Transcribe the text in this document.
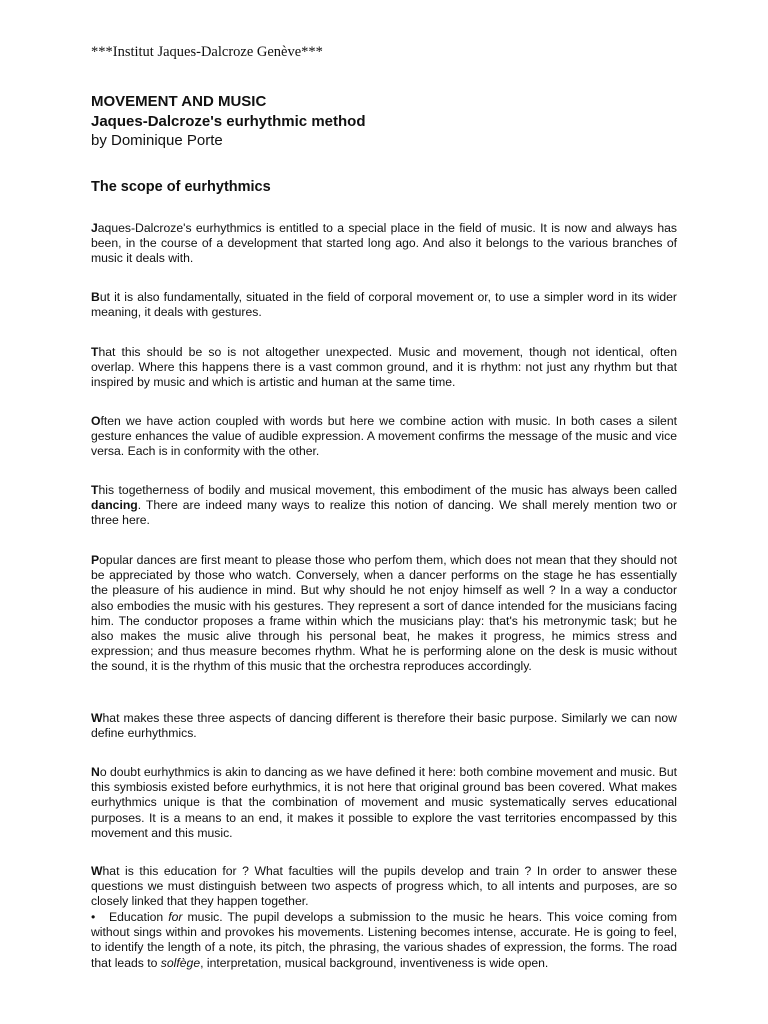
***Institut Jaques-Dalcroze Genève***
MOVEMENT AND MUSIC
Jaques-Dalcroze's eurhythmic method
by Dominique Porte
The scope of eurhythmics

Jaques-Dalcroze's eurhythmics is entitled to a special place in the field of music. It is now and always has been, in the course of a development that started long ago. And also it belongs to the various branches of music it deals with.

But it is also fundamentally, situated in the field of corporal movement or, to use a simpler word in its wider meaning, it deals with gestures.

That this should be so is not altogether unexpected. Music and movement, though not identical, often overlap. Where this happens there is a vast common ground, and it is rhythm: not just any rhythm but that inspired by music and which is artistic and human at the same time.

Often we have action coupled with words but here we combine action with music. In both cases a silent gesture enhances the value of audible expression. A movement confirms the message of the music and vice versa. Each is in conformity with the other.

This togetherness of bodily and musical movement, this embodiment of the music has always been called dancing. There are indeed many ways to realize this notion of dancing. We shall merely mention two or three here.

Popular dances are first meant to please those who perfom them, which does not mean that they should not be appreciated by those who watch. Conversely, when a dancer performs on the stage he has essentially the pleasure of his audience in mind. But why should he not enjoy himself as well ? In a way a conductor also embodies the music with his gestures. They represent a sort of dance intended for the musicians facing him. The conductor proposes a frame within which the musicians play: that's his metronymic task; but he also makes the music alive through his personal beat, he makes it progress, he mimics stress and expression; and thus measure becomes rhythm. What he is performing alone on the desk is music without the sound, it is the rhythm of this music that the orchestra reproduces accordingly.

What makes these three aspects of dancing different is therefore their basic purpose. Similarly we can now define eurhythmics.

No doubt eurhythmics is akin to dancing as we have defined it here: both combine movement and music. But this symbiosis existed before eurhythmics, it is not here that original ground bas been covered. What makes eurhythmics unique is that the combination of movement and music systematically serves educational purposes. It is a means to an end, it makes it possible to explore the vast territories encompassed by this movement and this music.

What is this education for ? What faculties will the pupils develop and train ? In order to answer these questions we must distinguish between two aspects of progress which, to all intents and purposes, are so closely linked that they happen together.

• Education for music. The pupil develops a submission to the music he hears. This voice coming from without sings within and provokes his movements. Listening becomes intense, accurate. He is going to feel, to identify the length of a note, its pitch, the phrasing, the various shades of expression, the forms. The road that leads to solfège, interpretation, musical background, inventiveness is wide open.
